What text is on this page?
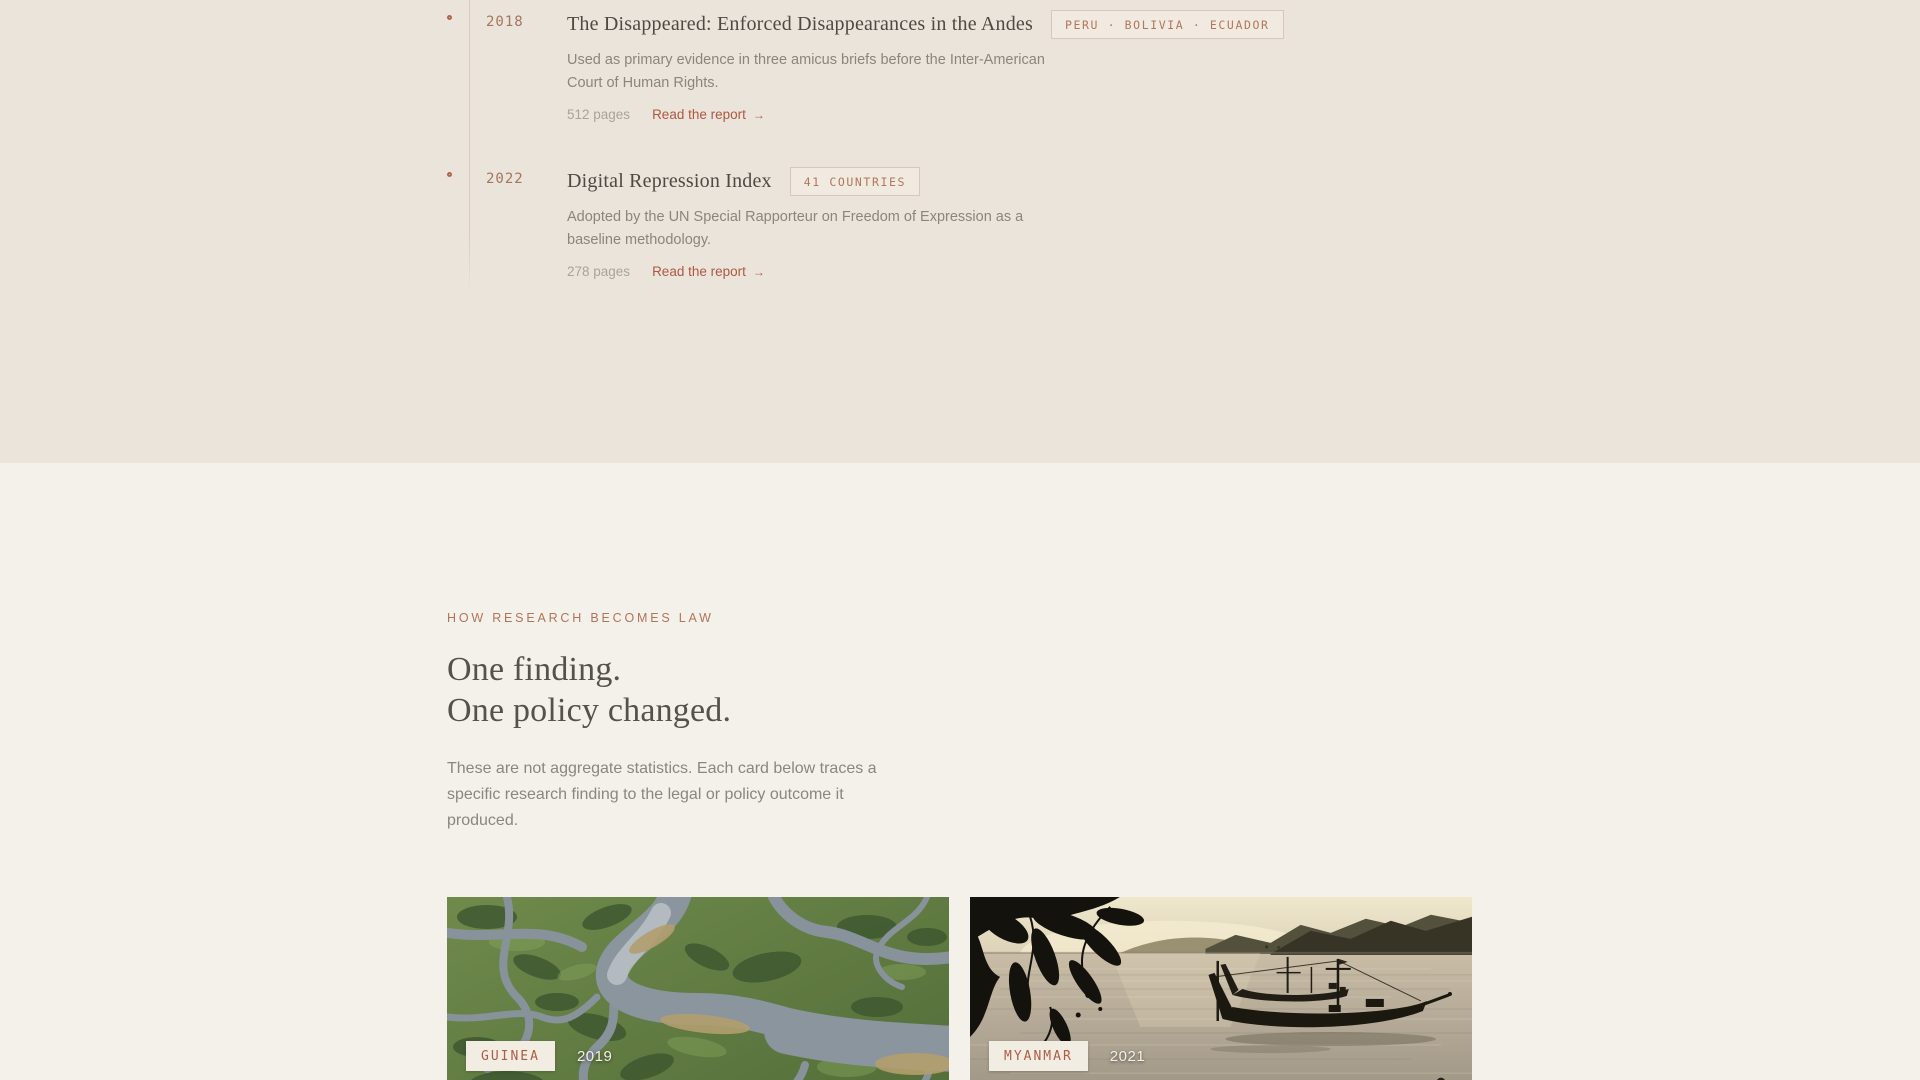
2018 The Disappeared: Enforced Disappearances in the Andes	PERU · BOLIVIA · ECUADOR

Used as primary evidence in three amicus briefs before the Inter-American
Court of Human Rights.

512 pages Read the report →
2022 Digital Repression Index	41 COUNTRIES

Adopted by the UN Special Rapporteur on Freedom of Expression as a
baseline methodology.

278 pages Read the report →
HOW RESEARCH BECOMES LAW
One finding.
One policy changed.

These are not aggregate statistics. Each card below traces a
specific research finding to the legal or policy outcome it
produced.

GUINEA	2019	MYANMAR	2021
